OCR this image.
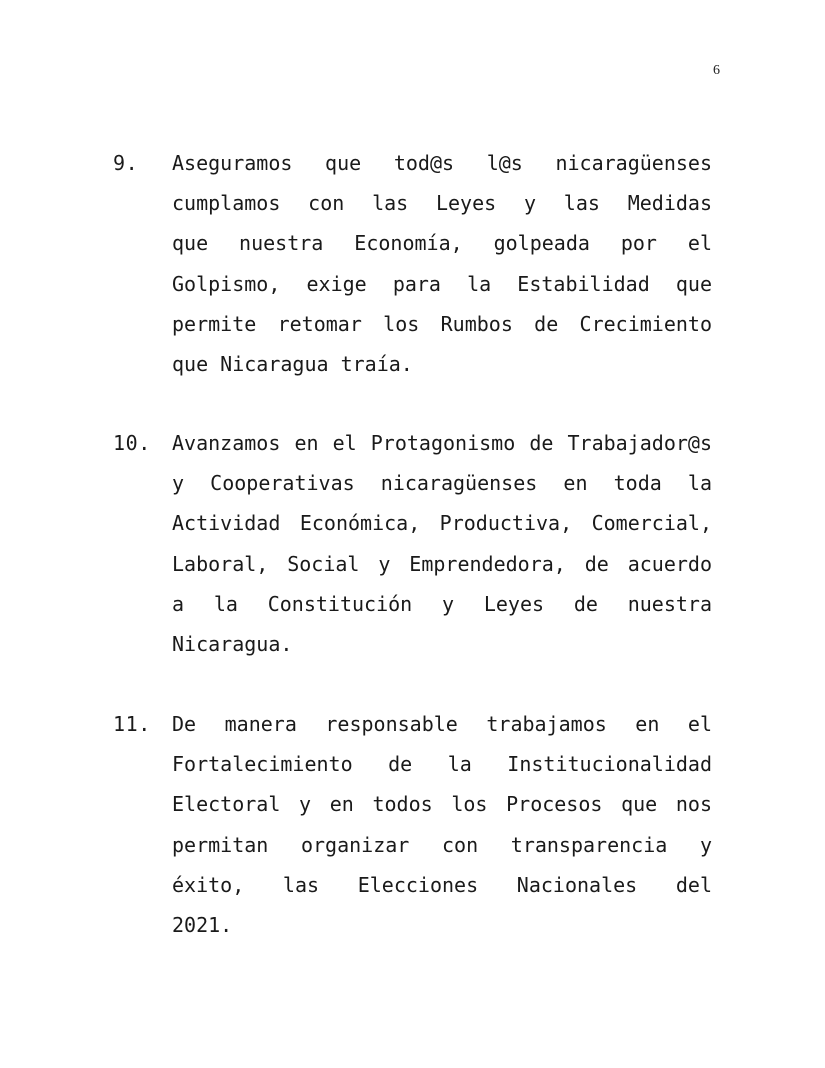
6
9. Aseguramos que tod@s l@s nicaragüenses
cumplamos con las Leyes y las Medidas
que nuestra Economía, golpeada por el
Golpismo, exige para la Estabilidad que
permite retomar los Rumbos de Crecimiento
que Nicaragua traía.
10. Avanzamos en el Protagonismo de Trabajador@s
y Cooperativas nicaragüenses en toda la
Actividad Económica, Productiva, Comercial,
Laboral, Social y Emprendedora, de acuerdo
a la Constitución y Leyes de nuestra
Nicaragua.
11. De manera responsable trabajamos en el
Fortalecimiento de la Institucionalidad
Electoral y en todos los Procesos que nos
permitan organizar con transparencia y
éxito, las Elecciones Nacionales del
2021.
